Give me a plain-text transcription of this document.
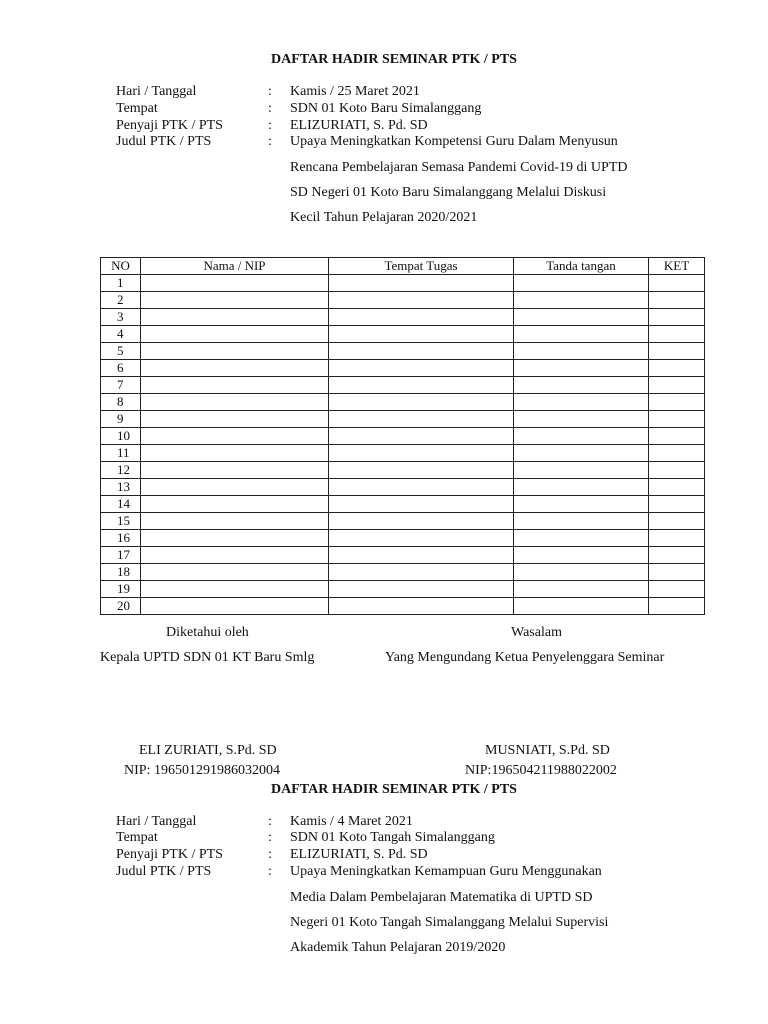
DAFTAR HADIR SEMINAR PTK / PTS
Hari / Tanggal	: Kamis / 25 Maret 2021
Tempat	: SDN 01 Koto Baru Simalanggang
Penyaji PTK / PTS	: ELIZURIATI, S. Pd. SD
Judul PTK / PTS	: Upaya Meningkatkan Kompetensi Guru Dalam Menyusun
Rencana Pembelajaran Semasa Pandemi Covid-19 di UPTD
SD Negeri 01 Koto Baru Simalanggang Melalui Diskusi
Kecil Tahun Pelajaran 2020/2021
NO	Nama / NIP	Tempat Tugas	Tanda tangan	KET
1				
2				
3				
4				
5				
6				
7				
8				
9				
10				
11				
12				
13				
14				
15				
16				
17				
18				
19				
20				
Diketahui oleh	Wasalam
Kepala UPTD SDN 01 KT Baru Smlg	Yang Mengundang Ketua Penyelenggara Seminar
ELI ZURIATI, S.Pd. SD	MUSNIATI, S.Pd. SD
NIP: 196501291986032004	NIP:196504211988022002
DAFTAR HADIR SEMINAR PTK / PTS
Hari / Tanggal	: Kamis / 4 Maret 2021
Tempat	: SDN 01 Koto Tangah Simalanggang
Penyaji PTK / PTS	: ELIZURIATI, S. Pd. SD
Judul PTK / PTS	: Upaya Meningkatkan Kemampuan Guru Menggunakan
Media Dalam Pembelajaran Matematika di UPTD SD
Negeri 01 Koto Tangah Simalanggang Melalui Supervisi
Akademik Tahun Pelajaran 2019/2020
